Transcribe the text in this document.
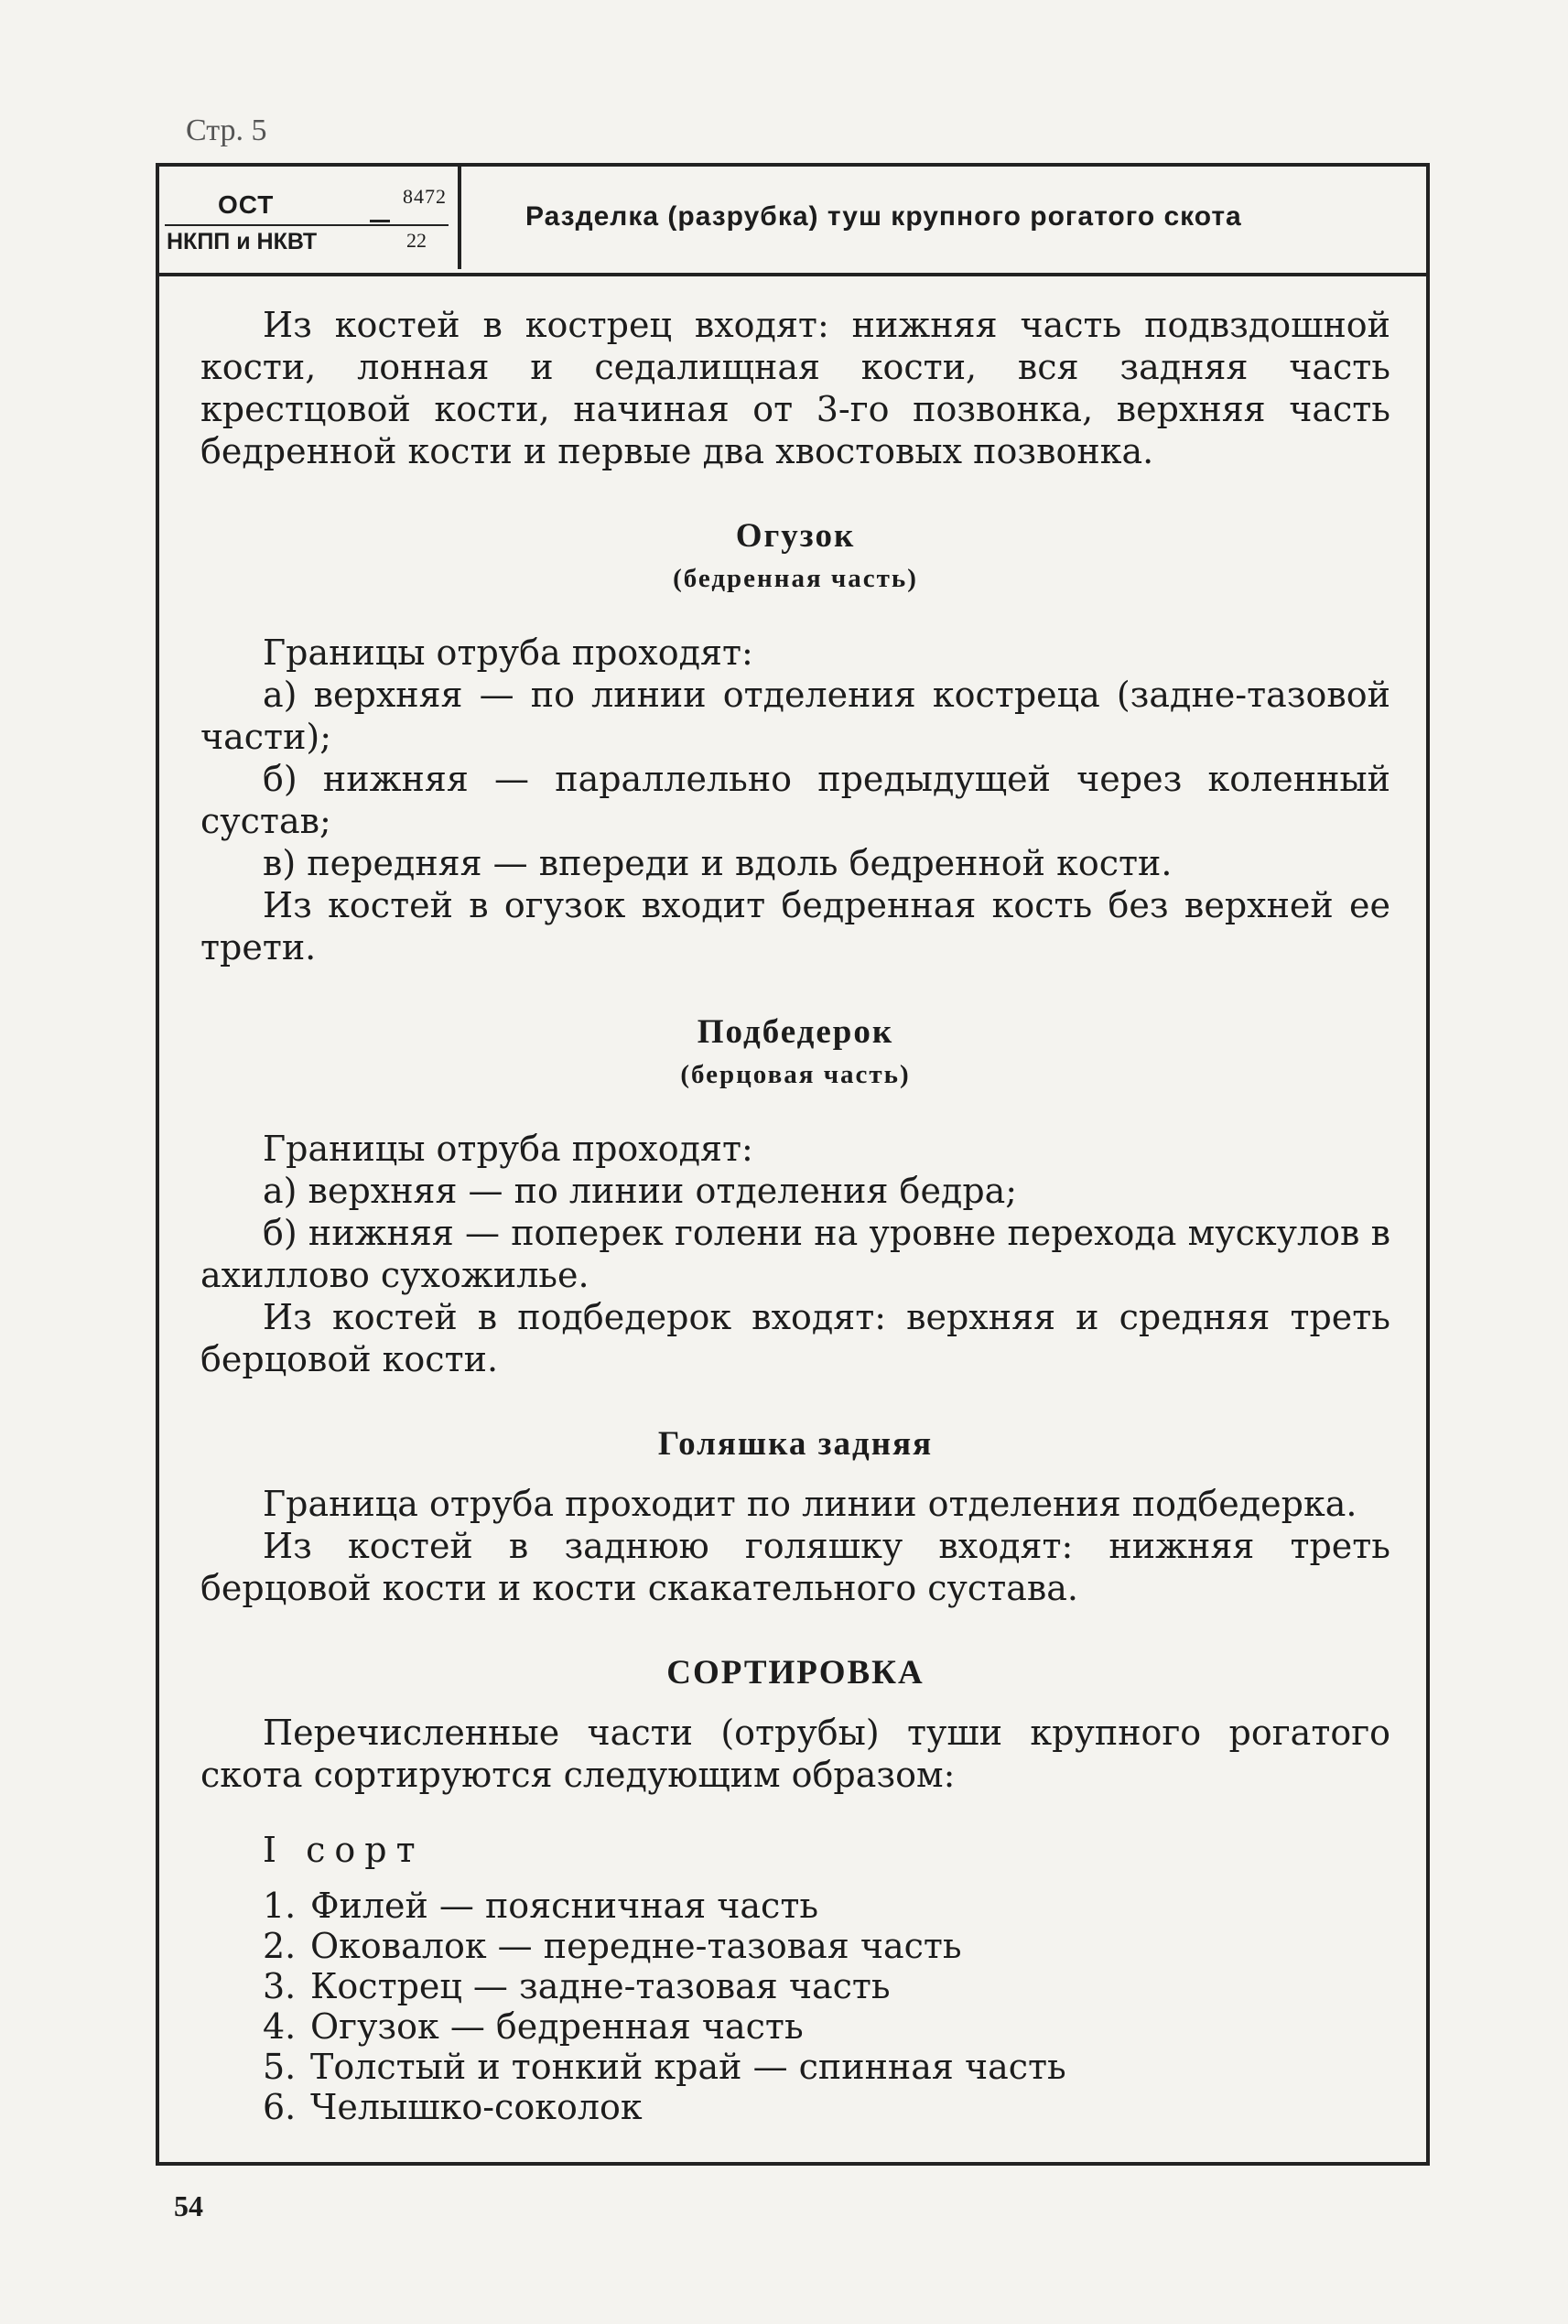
Стр. 5
ОСТ	8472
НКПП и НКВТ	22
Разделка (разрубка) туш крупного рогатого скота

Из костей в кострец входят: нижняя часть подвздошной кости, лонная и седалищная кости, вся задняя часть крестцовой кости, начиная от 3-го позвонка, верхняя часть бедренной кости и первые два хвостовых позвонка.

Огузок
(бедренная часть)

Границы отруба проходят:

а) верхняя — по линии отделения костреца (задне-тазовой части);

б) нижняя — параллельно предыдущей через коленный сустав;

в) передняя — впереди и вдоль бедренной кости.

Из костей в огузок входит бедренная кость без верхней ее трети.

Подбедерок
(берцовая часть)

Границы отруба проходят:

а) верхняя — по линии отделения бедра;

б) нижняя — поперек голени на уровне перехода мускулов в ахиллово сухожилье.

Из костей в подбедерок входят: верхняя и средняя треть берцовой кости.

Голяшка задняя

Граница отруба проходит по линии отделения подбедерка.

Из костей в заднюю голяшку входят: нижняя треть берцовой кости и кости скакательного сустава.

СОРТИРОВКА

Перечисленные части (отрубы) туши крупного рогатого скота сортируются следующим образом:

I сорт
1. Филей — поясничная часть
2. Оковалок — передне-тазовая часть
3. Кострец — задне-тазовая часть
4. Огузок — бедренная часть
5. Толстый и тонкий край — спинная часть
6. Челышко-соколок
54
